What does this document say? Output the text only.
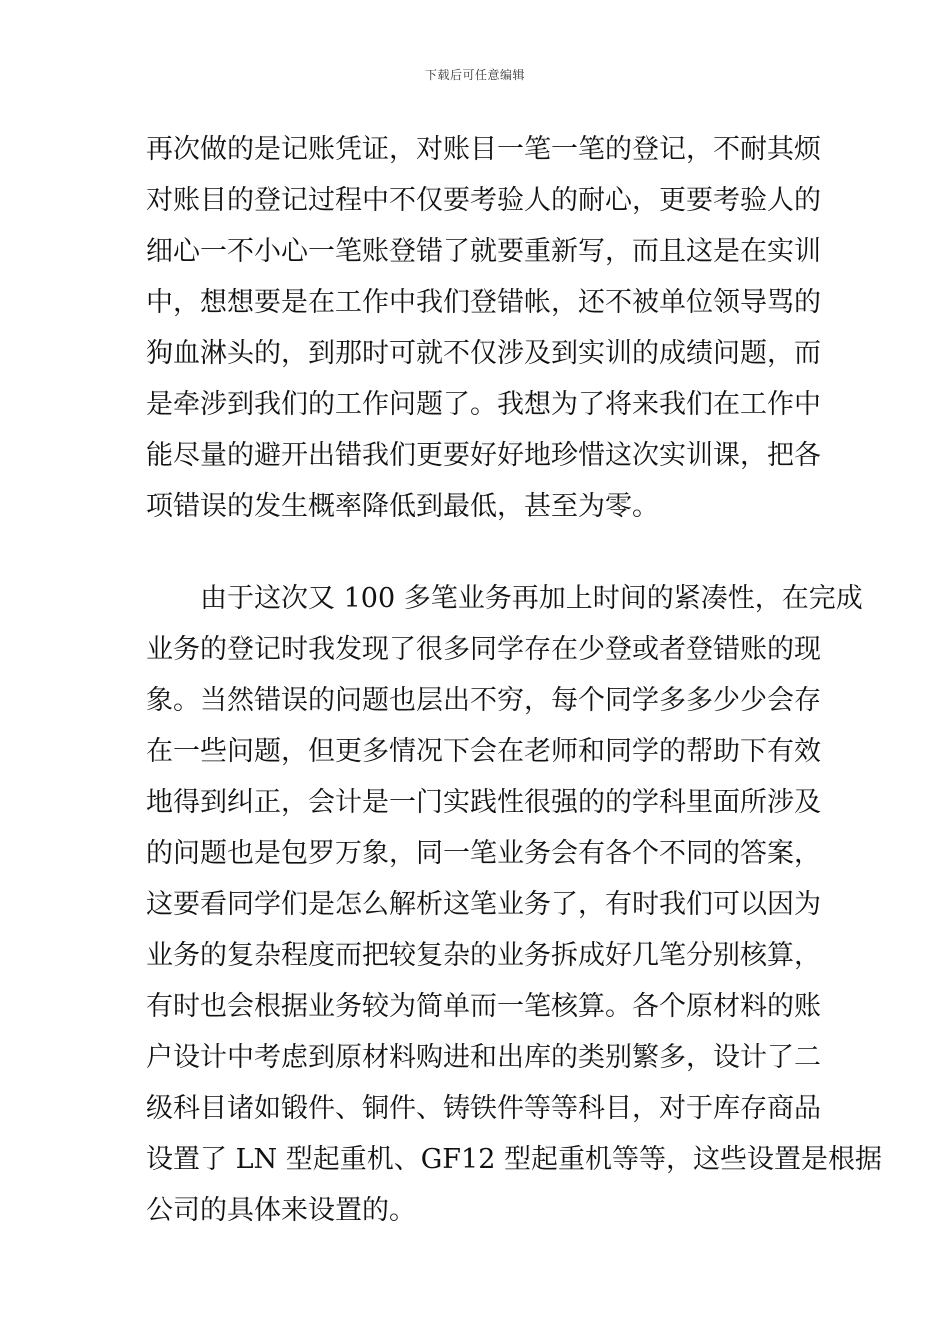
下载后可任意编辑
再次做的是记账凭证，对账目一笔一笔的登记，不耐其烦
对账目的登记过程中不仅要考验人的耐心，更要考验人的
细心一不小心一笔账登错了就要重新写，而且这是在实训
中，想想要是在工作中我们登错帐，还不被单位领导骂的
狗血淋头的，到那时可就不仅涉及到实训的成绩问题，而
是牵涉到我们的工作问题了。我想为了将来我们在工作中
能尽量的避开出错我们更要好好地珍惜这次实训课，把各
项错误的发生概率降低到最低，甚至为零。
由于这次又 100 多笔业务再加上时间的紧凑性，在完成
业务的登记时我发现了很多同学存在少登或者登错账的现
象。当然错误的问题也层出不穷，每个同学多多少少会存
在一些问题，但更多情况下会在老师和同学的帮助下有效
地得到纠正，会计是一门实践性很强的的学科里面所涉及
的问题也是包罗万象，同一笔业务会有各个不同的答案，
这要看同学们是怎么解析这笔业务了，有时我们可以因为
业务的复杂程度而把较复杂的业务拆成好几笔分别核算，
有时也会根据业务较为简单而一笔核算。各个原材料的账
户设计中考虑到原材料购进和出库的类别繁多，设计了二
级科目诸如锻件、铜件、铸铁件等等科目，对于库存商品
设置了 LN 型起重机、GF12 型起重机等等，这些设置是根据
公司的具体来设置的。
